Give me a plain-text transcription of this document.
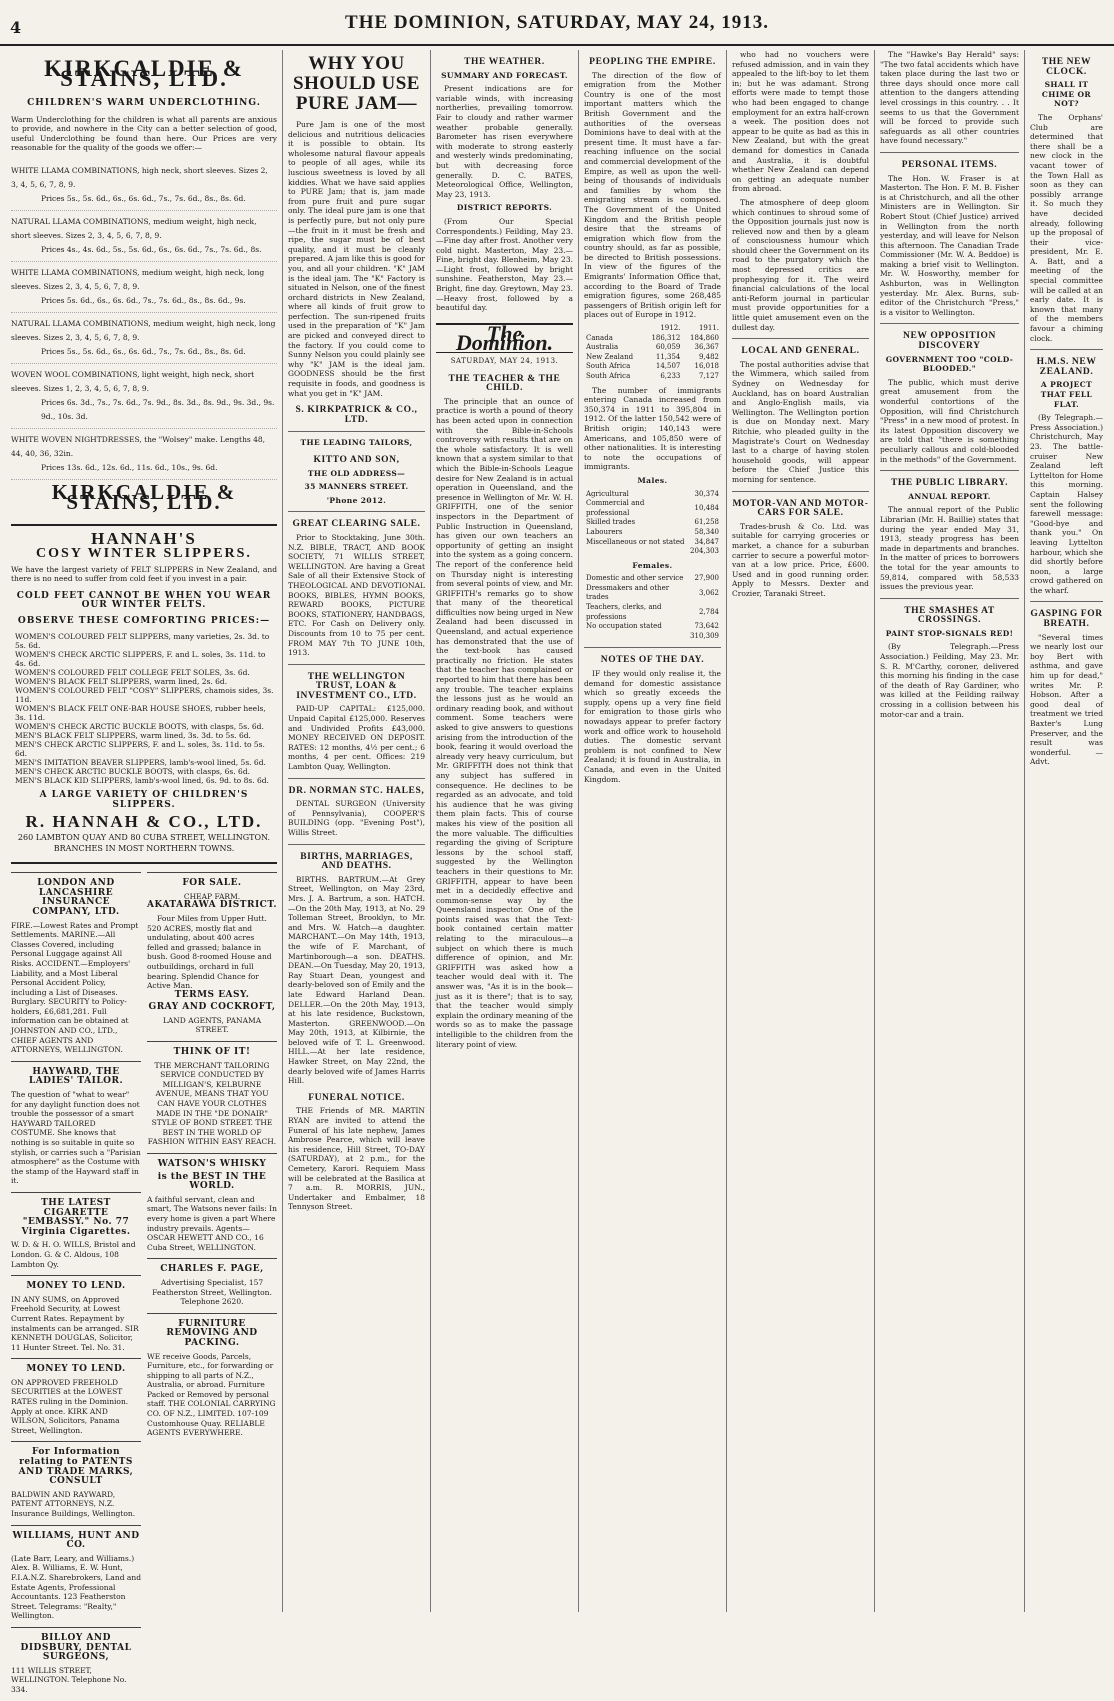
4	THE DOMINION, SATURDAY, MAY 24, 1913.
KIRKCALDIE & STAINS, LTD.
CHILDREN'S WARM UNDERCLOTHING.
Warm Underclothing for the children is what all parents are anxious to provide, and nowhere in the City can a better selection of good, useful Underclothing be found than here. Our Prices are very reasonable for the quality of the goods we offer:—
WHITE LLAMA COMBINATIONS, high neck, short sleeves. Sizes 2, 3, 4, 5, 6, 7, 8, 9.
Prices 5s., 5s. 6d., 6s., 6s. 6d., 7s., 7s. 6d., 8s., 8s. 6d.
NATURAL LLAMA COMBINATIONS, medium weight, high neck, short sleeves. Sizes 2, 3, 4, 5, 6, 7, 8, 9.
Prices 4s., 4s. 6d., 5s., 5s. 6d., 6s., 6s. 6d., 7s., 7s. 6d., 8s.
WHITE LLAMA COMBINATIONS, medium weight, high neck, long sleeves. Sizes 2, 3, 4, 5, 6, 7, 8, 9.
Prices 5s. 6d., 6s., 6s. 6d., 7s., 7s. 6d., 8s., 8s. 6d., 9s.
NATURAL LLAMA COMBINATIONS, medium weight, high neck, long sleeves. Sizes 2, 3, 4, 5, 6, 7, 8, 9.
Prices 5s., 5s. 6d., 6s., 6s. 6d., 7s., 7s. 6d., 8s., 8s. 6d.
WOVEN WOOL COMBINATIONS, light weight, high neck, short sleeves. Sizes 1, 2, 3, 4, 5, 6, 7, 8, 9.
Prices 6s. 3d., 7s., 7s. 6d., 7s. 9d., 8s. 3d., 8s. 9d., 9s. 3d., 9s. 9d., 10s. 3d.
WHITE WOVEN NIGHTDRESSES, the "Wolsey" make. Lengths 48, 44, 40, 36, 32in.
Prices 13s. 6d., 12s. 6d., 11s. 6d., 10s., 9s. 6d.
KIRKCALDIE & STAINS, LTD.
HANNAH'S
COSY WINTER SLIPPERS.
We have the largest variety of FELT SLIPPERS in New Zealand, and there is no need to suffer from cold feet if you invest in a pair.
COLD FEET CANNOT BE WHEN YOU WEAR OUR WINTER FELTS.
OBSERVE THESE COMFORTING PRICES:—
WOMEN'S COLOURED FELT SLIPPERS, many varieties, 2s. 3d. to 5s. 6d.
WOMEN'S CHECK ARCTIC SLIPPERS, F. and L. soles, 3s. 11d. to 4s. 6d.
WOMEN'S COLOURED FELT COLLEGE FELT SOLES, 3s. 6d.
WOMEN'S BLACK FELT SLIPPERS, warm lined, 2s. 6d.
WOMEN'S COLOURED FELT "COSY" SLIPPERS, chamois sides, 3s. 11d.
WOMEN'S BLACK FELT ONE-BAR HOUSE SHOES, rubber heels, 3s. 11d.
WOMEN'S CHECK ARCTIC BUCKLE BOOTS, with clasps, 5s. 6d.
MEN'S BLACK FELT SLIPPERS, warm lined, 3s. 3d. to 5s. 6d.
MEN'S CHECK ARCTIC SLIPPERS, F. and L. soles, 3s. 11d. to 5s. 6d.
MEN'S IMITATION BEAVER SLIPPERS, lamb's-wool lined, 5s. 6d.
MEN'S CHECK ARCTIC BUCKLE BOOTS, with clasps, 6s. 6d.
MEN'S BLACK KID SLIPPERS, lamb's-wool lined, 6s. 9d. to 8s. 6d.
A LARGE VARIETY OF CHILDREN'S SLIPPERS.
R. HANNAH & CO., LTD.
260 LAMBTON QUAY AND 80 CUBA STREET, WELLINGTON. BRANCHES IN MOST NORTHERN TOWNS.
LONDON AND LANCASHIRE INSURANCE COMPANY, LTD.
FIRE.—Lowest Rates and Prompt Settlements. MARINE.—All Classes Covered, including Personal Luggage against All Risks. ACCIDENT.—Employers' Liability, and a Most Liberal Personal Accident Policy, including a List of Diseases. Burglary. SECURITY to Policy-holders, £6,681,281. Full information can be obtained at JOHNSTON AND CO., LTD., CHIEF AGENTS AND ATTORNEYS, WELLINGTON.
HAYWARD, THE LADIES' TAILOR.
The question of "what to wear" for any daylight function does not trouble the possessor of a smart HAYWARD TAILORED COSTUME. She knows that nothing is so suitable in quite so stylish, or carries such a "Parisian atmosphere" as the Costume with the stamp of the Hayward staff in it.
THE LATEST CIGARETTE "EMBASSY." No. 77 Virginia Cigarettes.
W. D. & H. O. WILLS, Bristol and London. G. & C. Aldous, 108 Lambton Qy.
MONEY TO LEND.
IN ANY SUMS, on Approved Freehold Security, at Lowest Current Rates. Repayment by instalments can be arranged. SIR KENNETH DOUGLAS, Solicitor, 11 Hunter Street. Tel. No. 31.
MONEY TO LEND.
ON APPROVED FREEHOLD SECURITIES at the LOWEST RATES ruling in the Dominion. Apply at once. KIRK AND WILSON, Solicitors, Panama Street, Wellington.
For Information relating to PATENTS AND TRADE MARKS, CONSULT
BALDWIN AND RAYWARD, PATENT ATTORNEYS, N.Z. Insurance Buildings, Wellington.
WILLIAMS, HUNT AND CO.
(Late Barr, Leary, and Williams.) Alex. B. Williams, E. W. Hunt, F.I.A.N.Z. Sharebrokers, Land and Estate Agents, Professional Accountants. 123 Featherston Street. Telegrams: "Realty," Wellington.
BILLOY AND DIDSBURY, DENTAL SURGEONS,
111 WILLIS STREET, WELLINGTON. Telephone No. 334.
FOR SALE.
CHEAP FARM.
AKATARAWA DISTRICT.
Four Miles from Upper Hutt.
520 ACRES, mostly flat and undulating, about 400 acres felled and grassed; balance in bush. Good 8-roomed House and outbuildings, orchard in full bearing. Splendid Chance for Active Man.
TERMS EASY.
GRAY AND COCKROFT,
LAND AGENTS, PANAMA STREET.
THINK OF IT!
THE MERCHANT TAILORING SERVICE CONDUCTED BY MILLIGAN'S, KELBURNE AVENUE, MEANS THAT YOU CAN HAVE YOUR CLOTHES MADE IN THE "DE DONAIR" STYLE OF BOND STREET. THE BEST IN THE WORLD OF FASHION WITHIN EASY REACH.
WATSON'S WHISKY
is the BEST IN THE WORLD.
A faithful servant, clean and smart, The Watsons never fails: In every home is given a part Where industry prevails. Agents—OSCAR HEWETT AND CO., 16 Cuba Street, WELLINGTON.
CHARLES F. PAGE,
Advertising Specialist, 157 Featherston Street, Wellington. Telephone 2620.
FURNITURE REMOVING AND PACKING.
WE receive Goods, Parcels, Furniture, etc., for forwarding or shipping to all parts of N.Z., Australia, or abroad. Furniture Packed or Removed by personal staff. THE COLONIAL CARRYING CO. OF N.Z., LIMITED. 107-109 Customhouse Quay. RELIABLE AGENTS EVERYWHERE.
WHY YOU SHOULD USE PURE JAM—
Pure Jam is one of the most delicious and nutritious delicacies it is possible to obtain. Its wholesome natural flavour appeals to people of all ages, while its luscious sweetness is loved by all kiddies. What we have said applies to PURE Jam; that is, jam made from pure fruit and pure sugar only. The ideal pure jam is one that is perfectly pure, but not only pure—the fruit in it must be fresh and ripe, the sugar must be of best quality, and it must be cleanly prepared. A jam like this is good for you, and all your children. "K" JAM is the ideal jam. The "K" Factory is situated in Nelson, one of the finest orchard districts in New Zealand, where all kinds of fruit grow to perfection. The sun-ripened fruits used in the preparation of "K" Jam are picked and conveyed direct to the factory. If you could come to Sunny Nelson you could plainly see why "K" JAM is the ideal jam. GOODNESS should be the first requisite in foods, and goodness is what you get in "K" JAM.
S. KIRKPATRICK & CO., LTD.
THE LEADING TAILORS,
KITTO AND SON,
THE OLD ADDRESS—
35 MANNERS STREET.
'Phone 2012.
GREAT CLEARING SALE.
Prior to Stocktaking, June 30th. N.Z. BIBLE, TRACT, AND BOOK SOCIETY, 71 WILLIS STREET, WELLINGTON. Are having a Great Sale of all their Extensive Stock of THEOLOGICAL AND DEVOTIONAL BOOKS, BIBLES, HYMN BOOKS, REWARD BOOKS, PICTURE BOOKS, STATIONERY, HANDBAGS, ETC. For Cash on Delivery only. Discounts from 10 to 75 per cent. FROM MAY 7th TO JUNE 10th, 1913.
THE WELLINGTON TRUST, LOAN & INVESTMENT CO., LTD.
PAID-UP CAPITAL: £125,000. Unpaid Capital £125,000. Reserves and Undivided Profits £43,000. MONEY RECEIVED ON DEPOSIT. RATES: 12 months, 4½ per cent.; 6 months, 4 per cent. Offices: 219 Lambton Quay, Wellington.
DR. NORMAN STC. HALES,
DENTAL SURGEON (University of Pennsylvania), COOPER'S BUILDING (opp. "Evening Post"), Willis Street.
BIRTHS, MARRIAGES, AND DEATHS.
BIRTHS. BARTRUM.—At Grey Street, Wellington, on May 23rd, Mrs. J. A. Bartrum, a son. HATCH.—On the 20th May, 1913, at No. 29 Tolleman Street, Brooklyn, to Mr. and Mrs. W. Hatch—a daughter. MARCHANT.—On May 14th, 1913, the wife of F. Marchant, of Martinborough—a son. DEATHS. DEAN.—On Tuesday, May 20, 1913, Ray Stuart Dean, youngest and dearly-beloved son of Emily and the late Edward Harland Dean. DELLER.—On the 20th May, 1913, at his late residence, Buckstown, Masterton. GREENWOOD.—On May 20th, 1913, at Kilbirnie, the beloved wife of T. L. Greenwood. HILL.—At her late residence, Hawker Street, on May 22nd, the dearly beloved wife of James Harris Hill.
FUNERAL NOTICE.
THE Friends of MR. MARTIN RYAN are invited to attend the Funeral of his late nephew, James Ambrose Pearce, which will leave his residence, Hill Street, TO-DAY (SATURDAY), at 2 p.m., for the Cemetery, Karori. Requiem Mass will be celebrated at the Basilica at 7 a.m. R. MORRIS, JUN., Undertaker and Embalmer, 18 Tennyson Street.
THE WEATHER.
SUMMARY AND FORECAST.
Present indications are for variable winds, with increasing northerlies, prevailing tomorrow. Fair to cloudy and rather warmer weather probable generally. Barometer has risen everywhere with moderate to strong easterly and westerly winds predominating, but with decreasing force generally. D. C. BATES, Meteorological Office, Wellington, May 23, 1913.
DISTRICT REPORTS.
(From Our Special Correspondents.) Feilding, May 23.—Fine day after frost. Another very cold night. Masterton, May 23.—Fine, bright day. Blenheim, May 23.—Light frost, followed by bright sunshine. Featherston, May 23.—Bright, fine day. Greytown, May 23.—Heavy frost, followed by a beautiful day.
The Dominion.
SATURDAY, MAY 24, 1913.
THE TEACHER & THE CHILD.
The principle that an ounce of practice is worth a pound of theory has been acted upon in connection with the Bible-in-Schools controversy with results that are on the whole satisfactory. It is well known that a system similar to that which the Bible-in-Schools League desire for New Zealand is in actual operation in Queensland, and the presence in Wellington of Mr. W. H. GRIFFITH, one of the senior inspectors in the Department of Public Instruction in Queensland, has given our own teachers an opportunity of getting an insight into the system as a going concern. The report of the conference held on Thursday night is interesting from several points of view, and Mr. GRIFFITH's remarks go to show that many of the theoretical difficulties now being urged in New Zealand had been discussed in Queensland, and actual experience has demonstrated that the use of the text-book has caused practically no friction. He states that the teacher has complained or reported to him that there has been any trouble. The teacher explains the lessons just as he would an ordinary reading book, and without comment. Some teachers were asked to give answers to questions arising from the introduction of the book, fearing it would overload the already very heavy curriculum, but Mr. GRIFFITH does not think that any subject has suffered in consequence. He declines to be regarded as an advocate, and told his audience that he was giving them plain facts. This of course makes his view of the position all the more valuable. The difficulties regarding the giving of Scripture lessons by the school staff, suggested by the Wellington teachers in their questions to Mr. GRIFFITH, appear to have been met in a decidedly effective and common-sense way by the Queensland inspector. One of the points raised was that the Text-book contained certain matter relating to the miraculous—a subject on which there is much difference of opinion, and Mr. GRIFFITH was asked how a teacher would deal with it. The answer was, "As it is in the book—just as it is there"; that is to say, that the teacher would simply explain the ordinary meaning of the words so as to make the passage intelligible to the children from the literary point of view.
PEOPLING THE EMPIRE.
The direction of the flow of emigration from the Mother Country is one of the most important matters which the British Government and the authorities of the overseas Dominions have to deal with at the present time. It must have a far-reaching influence on the social and commercial development of the Empire, as well as upon the well-being of thousands of individuals and families by whom the emigrating stream is composed. The Government of the United Kingdom and the British people desire that the streams of emigration which flow from the country should, as far as possible, be directed to British possessions. In view of the figures of the Emigrants' Information Office that, according to the Board of Trade emigration figures, some 268,485 passengers of British origin left for places out of Europe in 1912.
	1912.	1911.
Canada	186,312	184,860
Australia	60,059	36,367
New Zealand	11,354	9,482
South Africa	14,507	16,018
South Africa	6,233	7,127
The number of immigrants entering Canada increased from 350,374 in 1911 to 395,804 in 1912. Of the latter 150,542 were of British origin; 140,143 were Americans, and 105,850 were of other nationalities. It is interesting to note the occupations of immigrants.
Males.
Agricultural	30,374
Commercial and professional	10,484
Skilled trades	61,258
Labourers	58,340
Miscellaneous or not stated	34,847
	204,303
Females.
Domestic and other service	27,900
Dressmakers and other trades	3,062
Teachers, clerks, and professions	2,784
No occupation stated	73,642
	310,309
NOTES OF THE DAY.
IF they would only realise it, the demand for domestic assistance which so greatly exceeds the supply, opens up a very fine field for emigration to those girls who nowadays appear to prefer factory work and office work to household duties. The domestic servant problem is not confined to New Zealand; it is found in Australia, in Canada, and even in the United Kingdom.
who had no vouchers were refused admission, and in vain they appealed to the lift-boy to let them in; but he was adamant. Strong efforts were made to tempt those who had been engaged to change employment for an extra half-crown a week. The position does not appear to be quite as bad as this in New Zealand, but with the great demand for domestics in Canada and Australia, it is doubtful whether New Zealand can depend on getting an adequate number from abroad.
The atmosphere of deep gloom which continues to shroud some of the Opposition journals just now is relieved now and then by a gleam of consciousness humour which should cheer the Government on its road to the purgatory which the most depressed critics are prophesying for it. The weird financial calculations of the local anti-Reform journal in particular must provide opportunities for a little quiet amusement even on the dullest day.
LOCAL AND GENERAL.
The postal authorities advise that the Wimmera, which sailed from Sydney on Wednesday for Auckland, has on board Australian and Anglo-English mails, via Wellington. The Wellington portion is due on Monday next. Mary Ritchie, who pleaded guilty in the Magistrate's Court on Wednesday last to a charge of having stolen household goods, will appear before the Chief Justice this morning for sentence.
MOTOR-VAN AND MOTOR-CARS FOR SALE.
Trades-brush & Co. Ltd. was suitable for carrying groceries or market, a chance for a suburban carrier to secure a powerful motor-van at a low price. Price, £600. Used and in good running order. Apply to Messrs. Dexter and Crozier, Taranaki Street.
The "Hawke's Bay Herald" says: "The two fatal accidents which have taken place during the last two or three days should once more call attention to the dangers attending level crossings in this country. . . It seems to us that the Government will be forced to provide such safeguards as all other countries have found necessary."
PERSONAL ITEMS.
The Hon. W. Fraser is at Masterton. The Hon. F. M. B. Fisher is at Christchurch, and all the other Ministers are in Wellington. Sir Robert Stout (Chief Justice) arrived in Wellington from the north yesterday, and will leave for Nelson this afternoon. The Canadian Trade Commissioner (Mr. W. A. Beddoe) is making a brief visit to Wellington. Mr. W. Hosworthy, member for Ashburton, was in Wellington yesterday. Mr. Alex. Burns, sub-editor of the Christchurch "Press," is a visitor to Wellington.
NEW OPPOSITION DISCOVERY
GOVERNMENT TOO "COLD-BLOODED."
The public, which must derive great amusement from the wonderful contortions of the Opposition, will find Christchurch "Press" in a new mood of protest. In its latest Opposition discovery we are told that "there is something peculiarly callous and cold-blooded in the methods" of the Government.
THE PUBLIC LIBRARY.
ANNUAL REPORT.
The annual report of the Public Librarian (Mr. H. Baillie) states that during the year ended May 31, 1913, steady progress has been made in departments and branches. In the matter of prices to borrowers the total for the year amounts to 59,814, compared with 58,533 issues the previous year.
THE SMASHES AT CROSSINGS.
PAINT STOP-SIGNALS RED!
(By Telegraph.—Press Association.) Feilding, May 23. Mr. S. R. M'Carthy, coroner, delivered this morning his finding in the case of the death of Ray Gardiner, who was killed at the Feilding railway crossing in a collision between his motor-car and a train.
THE NEW CLOCK.
SHALL IT CHIME OR NOT?
The Orphans' Club are determined that there shall be a new clock in the vacant tower of the Town Hall as soon as they can possibly arrange it. So much they have decided already, following up the proposal of their vice-president, Mr. E. A. Batt, and a meeting of the special committee will be called at an early date. It is known that many of the members favour a chiming clock.
H.M.S. NEW ZEALAND.
A PROJECT THAT FELL FLAT.
(By Telegraph.—Press Association.) Christchurch, May 23. The battle-cruiser New Zealand left Lyttelton for Home this morning. Captain Halsey sent the following farewell message: "Good-bye and thank you." On leaving Lyttelton harbour, which she did shortly before noon, a large crowd gathered on the wharf.
GASPING FOR BREATH.
"Several times we nearly lost our boy Bert with asthma, and gave him up for dead," writes Mr. P. Hobson. After a good deal of treatment we tried Baxter's Lung Preserver, and the result was wonderful. — Advt.
